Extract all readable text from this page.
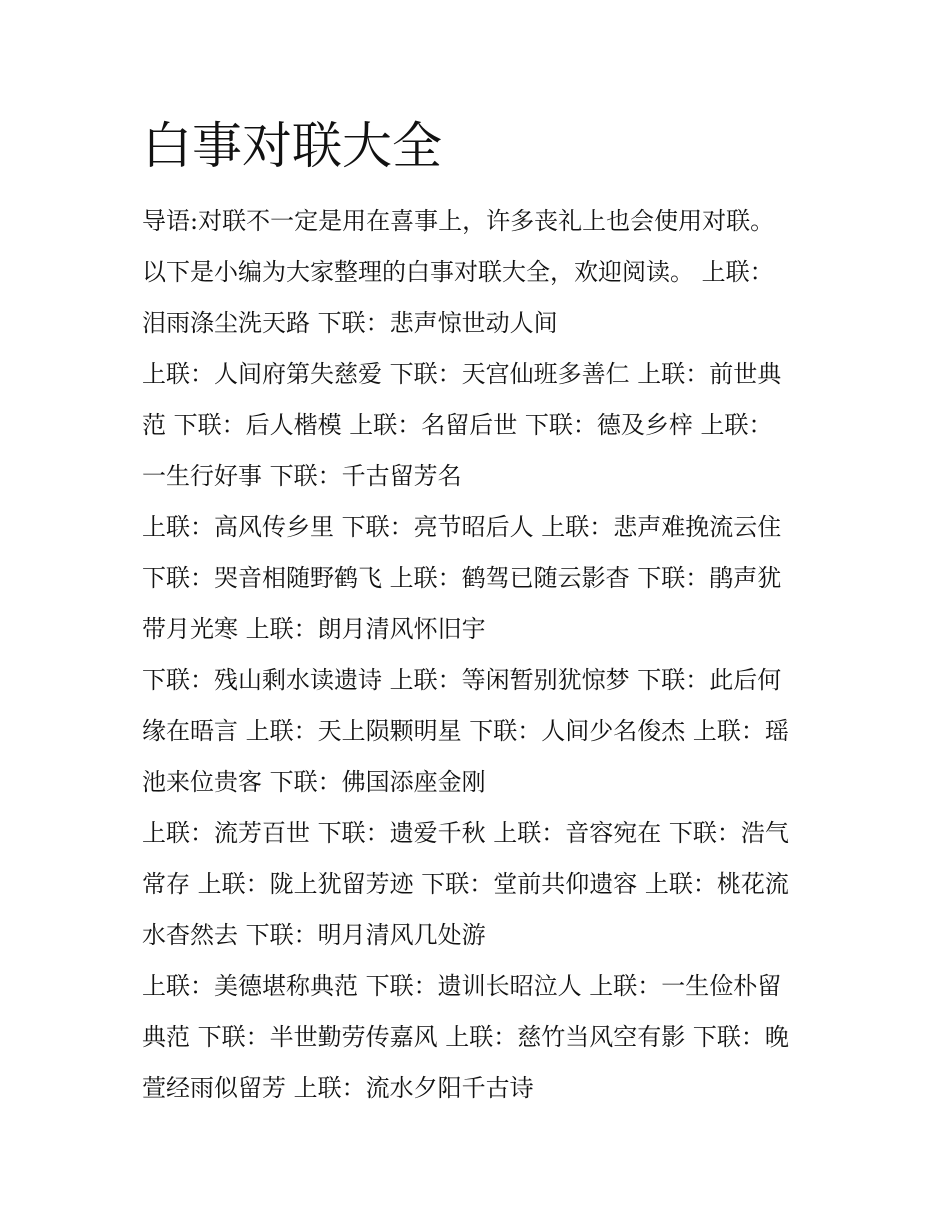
白事对联大全

导语:对联不一定是用在喜事上，许多丧礼上也会使用对联。

以下是小编为大家整理的白事对联大全，欢迎阅读。 上联：

泪雨涤尘洗天路 下联：悲声惊世动人间

上联：人间府第失慈爱 下联：天宫仙班多善仁 上联：前世典

范 下联：后人楷模 上联：名留后世 下联：德及乡梓 上联：

一生行好事 下联：千古留芳名

上联：高风传乡里 下联：亮节昭后人 上联：悲声难挽流云住

下联：哭音相随野鹤飞 上联：鹤驾已随云影杳 下联：鹃声犹

带月光寒 上联：朗月清风怀旧宇

下联：残山剩水读遗诗 上联：等闲暂别犹惊梦 下联：此后何

缘在晤言 上联：天上陨颗明星 下联：人间少名俊杰 上联：瑶

池来位贵客 下联：佛国添座金刚

上联：流芳百世 下联：遗爱千秋 上联：音容宛在 下联：浩气

常存 上联：陇上犹留芳迹 下联：堂前共仰遗容 上联：桃花流

水杳然去 下联：明月清风几处游

上联：美德堪称典范 下联：遗训长昭泣人 上联：一生俭朴留

典范 下联：半世勤劳传嘉风 上联：慈竹当风空有影 下联：晚

萱经雨似留芳 上联：流水夕阳千古诗
